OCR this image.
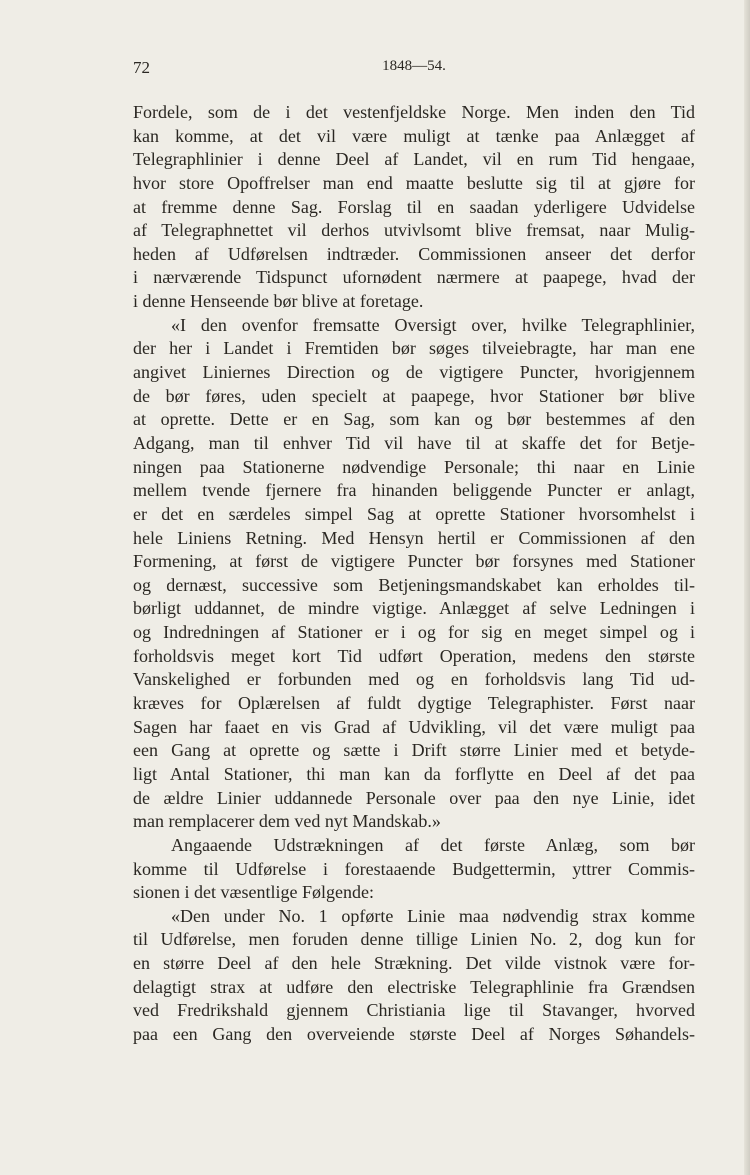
72	1848—54.
Fordele, som de i det vestenfjeldske Norge. Men inden den Tid
kan komme, at det vil være muligt at tænke paa Anlægget af
Telegraphlinier i denne Deel af Landet, vil en rum Tid hengaae,
hvor store Opoffrelser man end maatte beslutte sig til at gjøre for
at fremme denne Sag. Forslag til en saadan yderligere Udvidelse
af Telegraphnettet vil derhos utvivlsomt blive fremsat, naar Mulig-
heden af Udførelsen indtræder. Commissionen anseer det derfor
i nærværende Tidspunct ufornødent nærmere at paapege, hvad der
i denne Henseende bør blive at foretage.
«I den ovenfor fremsatte Oversigt over, hvilke Telegraphlinier,
der her i Landet i Fremtiden bør søges tilveiebragte, har man ene
angivet Liniernes Direction og de vigtigere Puncter, hvorigjennem
de bør føres, uden specielt at paapege, hvor Stationer bør blive
at oprette. Dette er en Sag, som kan og bør bestemmes af den
Adgang, man til enhver Tid vil have til at skaffe det for Betje-
ningen paa Stationerne nødvendige Personale; thi naar en Linie
mellem tvende fjernere fra hinanden beliggende Puncter er anlagt,
er det en særdeles simpel Sag at oprette Stationer hvorsomhelst i
hele Liniens Retning. Med Hensyn hertil er Commissionen af den
Formening, at først de vigtigere Puncter bør forsynes med Stationer
og dernæst, successive som Betjeningsmandskabet kan erholdes til-
børligt uddannet, de mindre vigtige. Anlægget af selve Ledningen i
og Indredningen af Stationer er i og for sig en meget simpel og i
forholdsvis meget kort Tid udført Operation, medens den største
Vanskelighed er forbunden med og en forholdsvis lang Tid ud-
kræves for Oplærelsen af fuldt dygtige Telegraphister. Først naar
Sagen har faaet en vis Grad af Udvikling, vil det være muligt paa
een Gang at oprette og sætte i Drift større Linier med et betyde-
ligt Antal Stationer, thi man kan da forflytte en Deel af det paa
de ældre Linier uddannede Personale over paa den nye Linie, idet
man remplacerer dem ved nyt Mandskab.»
Angaaende Udstrækningen af det første Anlæg, som bør
komme til Udførelse i forestaaende Budgettermin, yttrer Commis-
sionen i det væsentlige Følgende:
«Den under No. 1 opførte Linie maa nødvendig strax komme
til Udførelse, men foruden denne tillige Linien No. 2, dog kun for
en større Deel af den hele Strækning. Det vilde vistnok være for-
delagtigt strax at udføre den electriske Telegraphlinie fra Grændsen
ved Fredrikshald gjennem Christiania lige til Stavanger, hvorved
paa een Gang den overveiende største Deel af Norges Søhandels-
